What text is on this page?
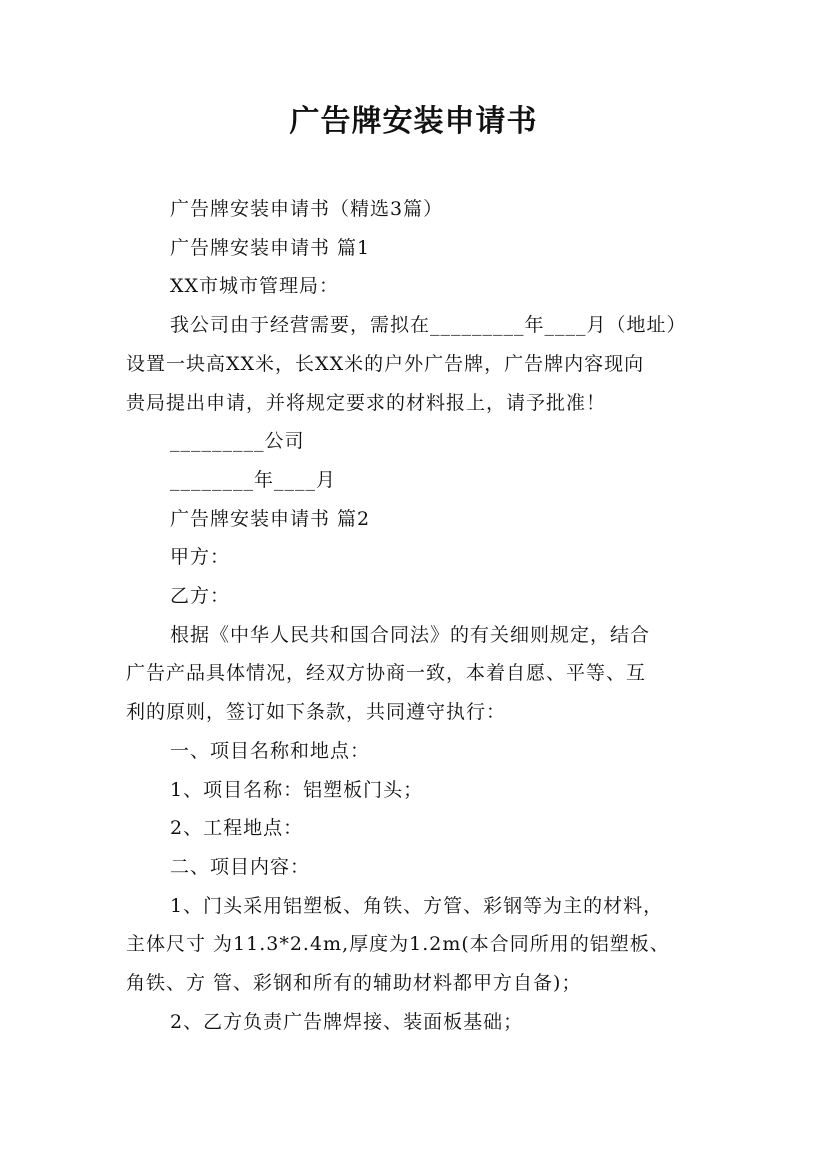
广告牌安装申请书

广告牌安装申请书（精选3篇）

广告牌安装申请书 篇1

XX市城市管理局：

我公司由于经营需要，需拟在_________年____月（地址）

设置一块高XX米，长XX米的户外广告牌，广告牌内容现向

贵局提出申请，并将规定要求的材料报上，请予批准！

_________公司

________年____月

广告牌安装申请书 篇2

甲方：

乙方：

根据《中华人民共和国合同法》的有关细则规定，结合

广告产品具体情况，经双方协商一致，本着自愿、平等、互

利的原则，签订如下条款，共同遵守执行：

一、项目名称和地点：

1、项目名称：铝塑板门头；

2、工程地点：

二、项目内容：

1、门头采用铝塑板、角铁、方管、彩钢等为主的材料，

主体尺寸 为11.3*2.4m,厚度为1.2m(本合同所用的铝塑板、

角铁、方 管、彩钢和所有的辅助材料都甲方自备)；

2、乙方负责广告牌焊接、装面板基础；
